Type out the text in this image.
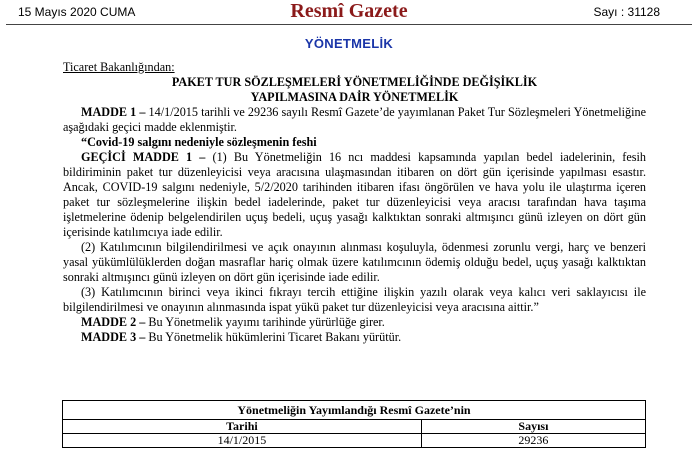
15 Mayıs 2020 CUMA	Resmî Gazete	Sayı : 31128
YÖNETMELİK

Ticaret Bakanlığından:

PAKET TUR SÖZLEŞMELERİ YÖNETMELİĞİNDE DEĞİŞİKLİK

YAPILMASINA DAİR YÖNETMELİK

MADDE 1 – 14/1/2015 tarihli ve 29236 sayılı Resmî Gazete’de yayımlanan Paket Tur Sözleşmeleri Yönetmeliğine aşağıdaki geçici madde eklenmiştir.

“Covid-19 salgını nedeniyle sözleşmenin feshi

GEÇİCİ MADDE 1 – (1) Bu Yönetmeliğin 16 ncı maddesi kapsamında yapılan bedel iadelerinin, fesih bildiriminin paket tur düzenleyicisi veya aracısına ulaşmasından itibaren on dört gün içerisinde yapılması esastır. Ancak, COVID-19 salgını nedeniyle, 5/2/2020 tarihinden itibaren ifası öngörülen ve hava yolu ile ulaştırma içeren paket tur sözleşmelerine ilişkin bedel iadelerinde, paket tur düzenleyicisi veya aracısı tarafından hava taşıma işletmelerine ödenip belgelendirilen uçuş bedeli, uçuş yasağı kalktıktan sonraki altmışıncı günü izleyen on dört gün içerisinde katılımcıya iade edilir.

(2) Katılımcının bilgilendirilmesi ve açık onayının alınması koşuluyla, ödenmesi zorunlu vergi, harç ve benzeri yasal yükümlülüklerden doğan masraflar hariç olmak üzere katılımcının ödemiş olduğu bedel, uçuş yasağı kalktıktan sonraki altmışıncı günü izleyen on dört gün içerisinde iade edilir.

(3) Katılımcının birinci veya ikinci fıkrayı tercih ettiğine ilişkin yazılı olarak veya kalıcı veri saklayıcısı ile bilgilendirilmesi ve onayının alınmasında ispat yükü paket tur düzenleyicisi veya aracısına aittir.”

MADDE 2 – Bu Yönetmelik yayımı tarihinde yürürlüğe girer.

MADDE 3 – Bu Yönetmelik hükümlerini Ticaret Bakanı yürütür.

Yönetmeliğin Yayımlandığı Resmî Gazete’nin	
Tarihi	Sayısı
14/1/2015	29236
